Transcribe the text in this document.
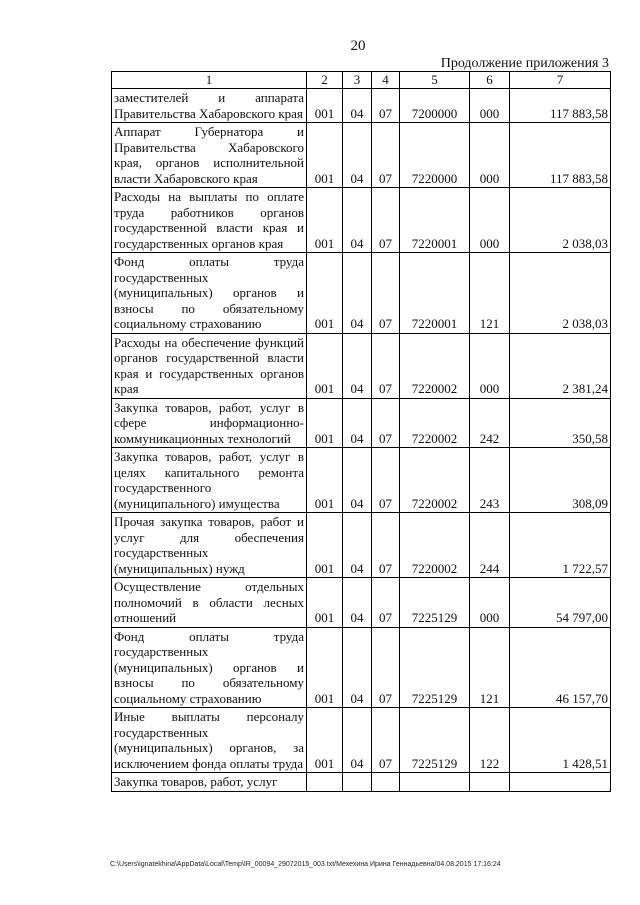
20
Продолжение приложения 3
1	2	3	4	5	6	7
заместителей и аппарата Правительства Хабаровского края	001	04	07	7200000	000	117 883,58
Аппарат Губернатора и Правительства Хабаровского края, органов исполнительной власти Хабаровского края	001	04	07	7220000	000	117 883,58
Расходы на выплаты по оплате труда работников органов государственной власти края и государственных органов края	001	04	07	7220001	000	2 038,03
Фонд оплаты труда государственных (муниципальных) органов и взносы по обязательному социальному страхованию	001	04	07	7220001	121	2 038,03
Расходы на обеспечение функций органов государственной власти края и государственных органов края	001	04	07	7220002	000	2 381,24
Закупка товаров, работ, услуг в сфере информационно-коммуникационных технологий	001	04	07	7220002	242	350,58
Закупка товаров, работ, услуг в целях капитального ремонта государственного (муниципального) имущества	001	04	07	7220002	243	308,09
Прочая закупка товаров, работ и услуг для обеспечения государственных (муниципальных) нужд	001	04	07	7220002	244	1 722,57
Осуществление отдельных полномочий в области лесных отношений	001	04	07	7225129	000	54 797,00
Фонд оплаты труда государственных (муниципальных) органов и взносы по обязательному социальному страхованию	001	04	07	7225129	121	46 157,70
Иные выплаты персоналу государственных (муниципальных) органов, за исключением фонда оплаты труда	001	04	07	7225129	122	1 428,51
Закупка товаров, работ, услуг						
C:\Users\ignatekhina\AppData\Local\Temp\IR_00094_29072015_003.txt/Мехехина Ирина Геннадьевна/04.08.2015 17:16:24
